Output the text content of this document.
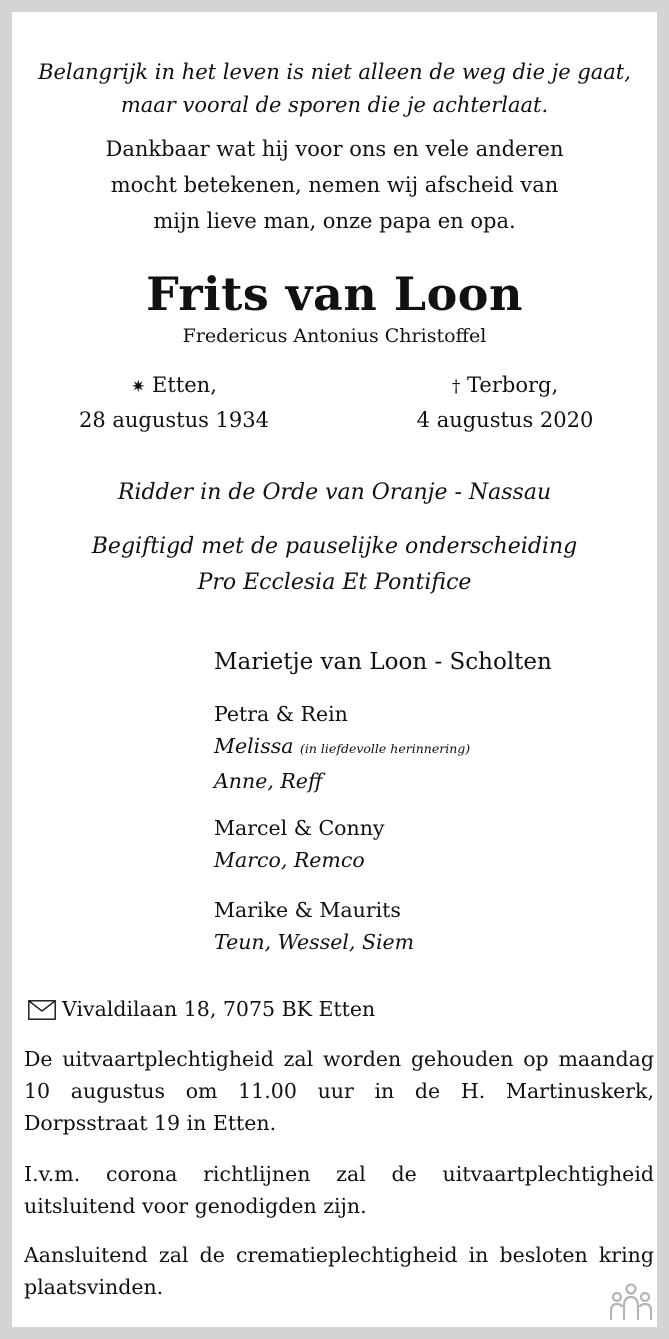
Belangrijk in het leven is niet alleen de weg die je gaat,
maar vooral de sporen die je achterlaat.
Dankbaar wat hij voor ons en vele anderen
mocht betekenen, nemen wij afscheid van
mijn lieve man, onze papa en opa.
Frits van Loon
Fredericus Antonius Christoffel
✷ Etten,
28 augustus 1934
† Terborg,
4 augustus 2020
Ridder in de Orde van Oranje - Nassau
Begiftigd met de pauselijke onderscheiding
Pro Ecclesia Et Pontifice
Marietje van Loon - Scholten
Petra & Rein
Melissa (in liefdevolle herinnering)
Anne, Reff
Marcel & Conny
Marco, Remco
Marike & Maurits
Teun, Wessel, Siem
Vivaldilaan 18, 7075 BK Etten
De uitvaartplechtigheid zal worden gehouden op maandag 10 augustus om 11.00 uur in de H. Martinuskerk, Dorpsstraat 19 in Etten.
I.v.m. corona richtlijnen zal de uitvaartplechtigheid uitsluitend voor genodigden zijn.
Aansluitend zal de crematieplechtigheid in besloten kring plaatsvinden.
